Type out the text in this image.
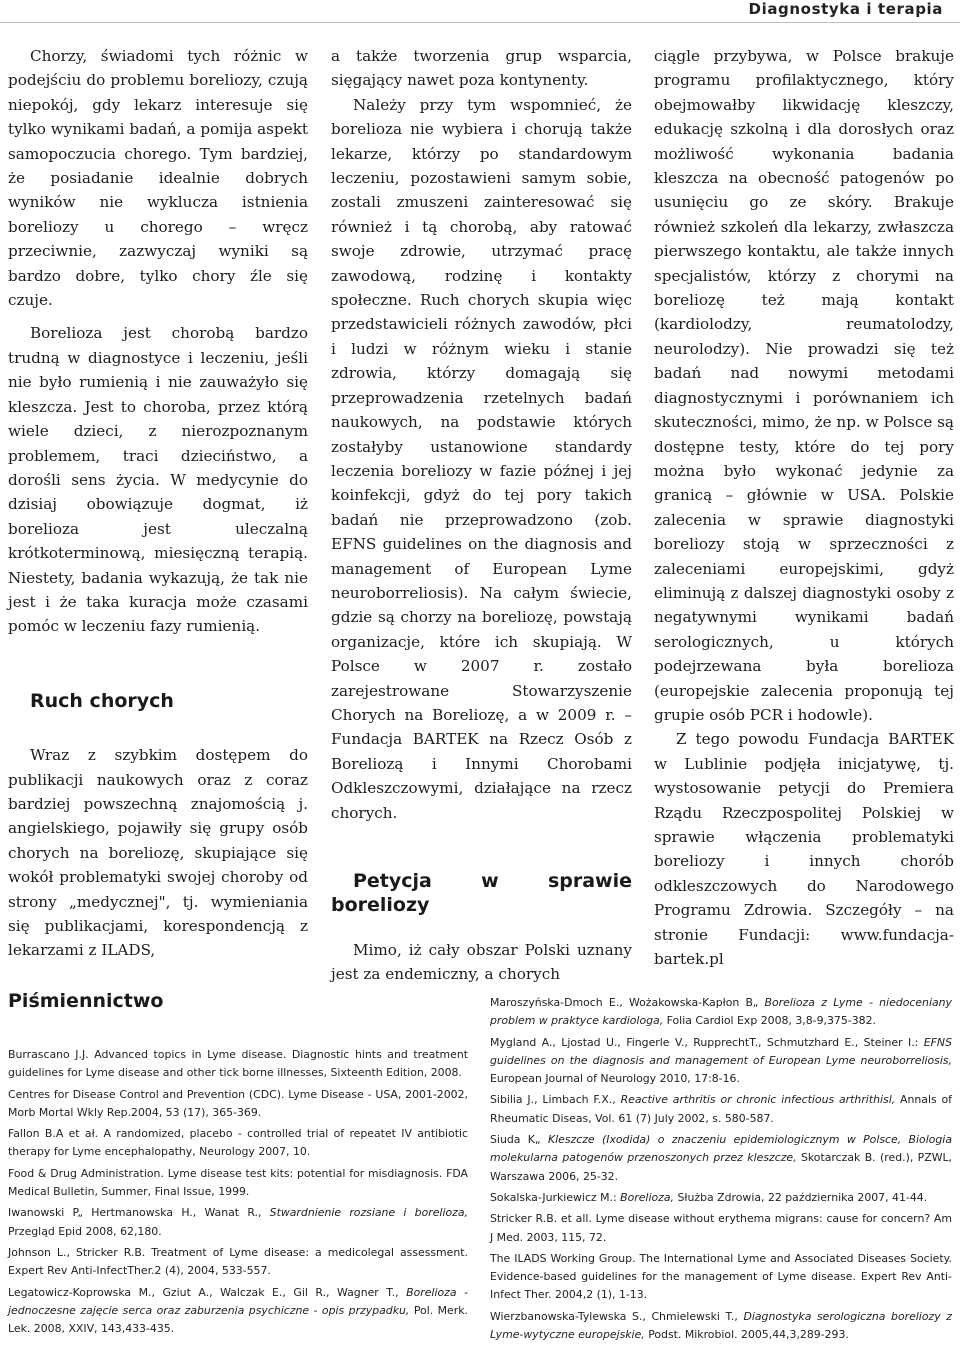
Diagnostyka i terapia

Chorzy, świadomi tych różnic w podejściu do problemu boreliozy, czują niepokój, gdy lekarz interesuje się tylko wynikami badań, a pomija aspekt samopoczucia chorego. Tym bardziej, że posiadanie idealnie dobrych wyników nie wyklucza istnienia boreliozy u chorego – wręcz przeciwnie, zazwyczaj wyniki są bardzo dobre, tylko chory źle się czuje.

Borelioza jest chorobą bardzo trudną w diagnostyce i leczeniu, jeśli nie było rumienią i nie zauważyło się kleszcza. Jest to choroba, przez którą wiele dzieci, z nierozpoznanym problemem, traci dzieciństwo, a dorośli sens życia. W medycynie do dzisiaj obowiązuje dogmat, iż borelioza jest uleczalną krótkoterminową, miesięczną terapią. Niestety, badania wykazują, że tak nie jest i że taka kuracja może czasami pomóc w leczeniu fazy rumienią.

Ruch chorych

Wraz z szybkim dostępem do publikacji naukowych oraz z coraz bardziej powszechną znajomością j. angielskiego, pojawiły się grupy osób chorych na boreliozę, skupiające się wokół problematyki swojej choroby od strony „medycznej", tj. wymieniania się publikacjami, korespondencją z lekarzami z ILADS,

a także tworzenia grup wsparcia, sięgający nawet poza kontynenty.

Należy przy tym wspomnieć, że borelioza nie wybiera i chorują także lekarze, którzy po standardowym leczeniu, pozostawieni samym sobie, zostali zmuszeni zainteresować się również i tą chorobą, aby ratować swoje zdrowie, utrzymać pracę zawodową, rodzinę i kontakty społeczne. Ruch chorych skupia więc przedstawicieli różnych zawodów, płci i ludzi w różnym wieku i stanie zdrowia, którzy domagają się przeprowadzenia rzetelnych badań naukowych, na podstawie których zostałyby ustanowione standardy leczenia boreliozy w fazie późnej i jej koinfekcji, gdyż do tej pory takich badań nie przeprowadzono (zob. EFNS guidelines on the diagnosis and management of European Lyme neuroborreliosis). Na całym świecie, gdzie są chorzy na boreliozę, powstają organizacje, które ich skupiają. W Polsce w 2007 r. zostało zarejestrowane Stowarzyszenie Chorych na Boreliozę, a w 2009 r. – Fundacja BARTEK na Rzecz Osób z Boreliozą i Innymi Chorobami Odkleszczowymi, działające na rzecz chorych.

Petycja w sprawie boreliozy

Mimo, iż cały obszar Polski uznany jest za endemiczny, a chorych

ciągle przybywa, w Polsce brakuje programu profilaktycznego, który obejmowałby likwidację kleszczy, edukację szkolną i dla dorosłych oraz możliwość wykonania badania kleszcza na obecność patogenów po usunięciu go ze skóry. Brakuje również szkoleń dla lekarzy, zwłaszcza pierwszego kontaktu, ale także innych specjalistów, którzy z chorymi na boreliozę też mają kontakt (kardiolodzy, reumatolodzy, neurolodzy). Nie prowadzi się też badań nad nowymi metodami diagnostycznymi i porównaniem ich skuteczności, mimo, że np. w Polsce są dostępne testy, które do tej pory można było wykonać jedynie za granicą – głównie w USA. Polskie zalecenia w sprawie diagnostyki boreliozy stoją w sprzeczności z zaleceniami europejskimi, gdyż eliminują z dalszej diagnostyki osoby z negatywnymi wynikami badań serologicznych, u których podejrzewana była borelioza (europejskie zalecenia proponują tej grupie osób PCR i hodowle).

Z tego powodu Fundacja BARTEK w Lublinie podjęła inicjatywę, tj. wystosowanie petycji do Premiera Rządu Rzeczpospolitej Polskiej w sprawie włączenia problematyki boreliozy i innych chorób odkleszczowych do Narodowego Programu Zdrowia. Szczegóły – na stronie Fundacji: www.fundacja-bartek.pl

Piśmiennictwo

Burrascano J.J. Advanced topics in Lyme disease. Diagnostic hints and treatment guidelines for Lyme disease and other tick borne illnesses, Sixteenth Edition, 2008.

Centres for Disease Control and Prevention (CDC). Lyme Disease - USA, 2001-2002, Morb Mortal Wkly Rep.2004, 53 (17), 365-369.

Fallon B.A et ał. A randomized, placebo - controlled trial of repeatet IV antibiotic therapy for Lyme encephalopathy, Neurology 2007, 10.

Food & Drug Administration. Lyme disease test kits: potential for misdiagnosis. FDA Medical Bulletin, Summer, Final Issue, 1999.

Iwanowski P„ Hertmanowska H., Wanat R., Stwardnienie rozsiane i borelioza, Przegląd Epid 2008, 62,180.

Johnson L., Stricker R.B. Treatment of Lyme disease: a medicolegal assessment. Expert Rev Anti-InfectTher.2 (4), 2004, 533-557.

Legatowicz-Koprowska M., Gziut A., Walczak E., Gil R., Wagner T., Borelioza -jednoczesne zajęcie serca oraz zaburzenia psychiczne - opis przypadku, Pol. Merk. Lek. 2008, XXIV, 143,433-435.

Maroszyńska-Dmoch E., Wożakowska-Kapłon B„ Borelioza z Lyme - niedoceniany problem w praktyce kardiologa, Folia Cardiol Exp 2008, 3,8-9,375-382.

Mygland A., Ljostad U., Fingerle V., RupprechtT., Schmutzhard E., Steiner I.: EFNS guidelines on the diagnosis and management of European Lyme neuroborreliosis, European Journal of Neurology 2010, 17:8-16.

Sibilia J., Limbach F.X., Reactive arthritis or chronic infectious arthrithisl, Annals of Rheumatic Diseas, Vol. 61 (7) July 2002, s. 580-587.

Siuda K„ Kleszcze (Ixodida) o znaczeniu epidemiologicznym w Polsce, Biologia molekularna patogenów przenoszonych przez kleszcze, Skotarczak B. (red.), PZWL, Warszawa 2006, 25-32.

Sokalska-Jurkiewicz M.: Borelioza, Służba Zdrowia, 22 października 2007, 41-44.

Stricker R.B. et all. Lyme disease without erythema migrans: cause for concern? Am J Med. 2003, 115, 72.

The ILADS Working Group. The International Lyme and Associated Diseases Society. Evidence-based guidelines for the management of Lyme disease. Expert Rev Anti-Infect Ther. 2004,2 (1), 1-13.

Wierzbanowska-Tylewska S., Chmielewski T., Diagnostyka serologiczna boreliozy z Lyme-wytyczne europejskie, Podst. Mikrobiol. 2005,44,3,289-293.
